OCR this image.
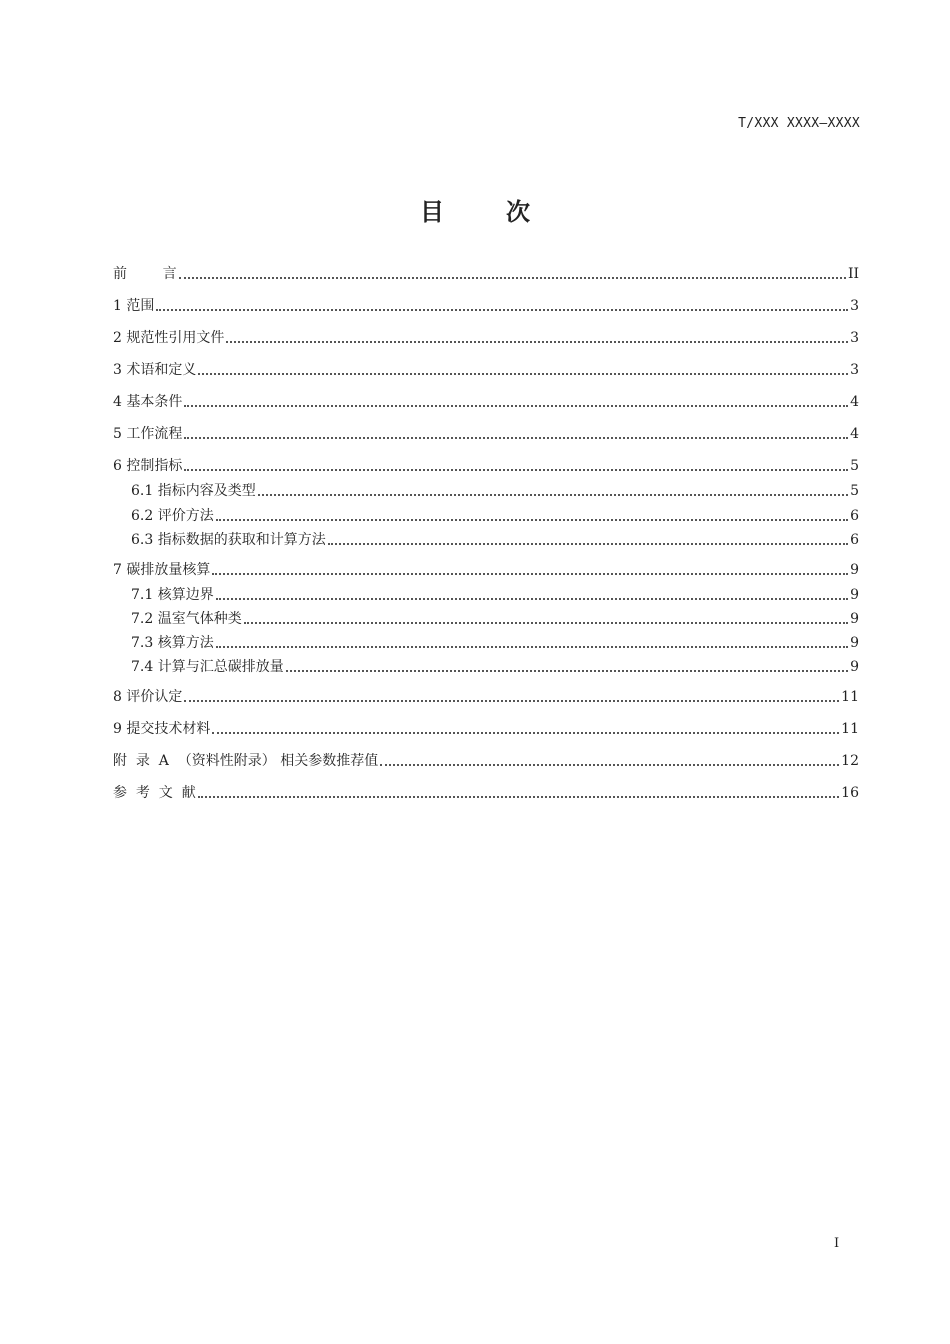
T/XXX XXXX—XXXX
目	次
前        言	II
1 范围	3
2 规范性引用文件	3
3 术语和定义	3
4 基本条件	4
5 工作流程	4
6 控制指标	5
6.1 指标内容及类型	5
6.2 评价方法	6
6.3 指标数据的获取和计算方法	6
7 碳排放量核算	9
7.1 核算边界	9
7.2 温室气体种类	9
7.3 核算方法	9
7.4 计算与汇总碳排放量	9
8 评价认定	11
9 提交技术材料	11
附  录  A  （资料性附录） 相关参数推荐值	12
参  考  文  献	16
I
